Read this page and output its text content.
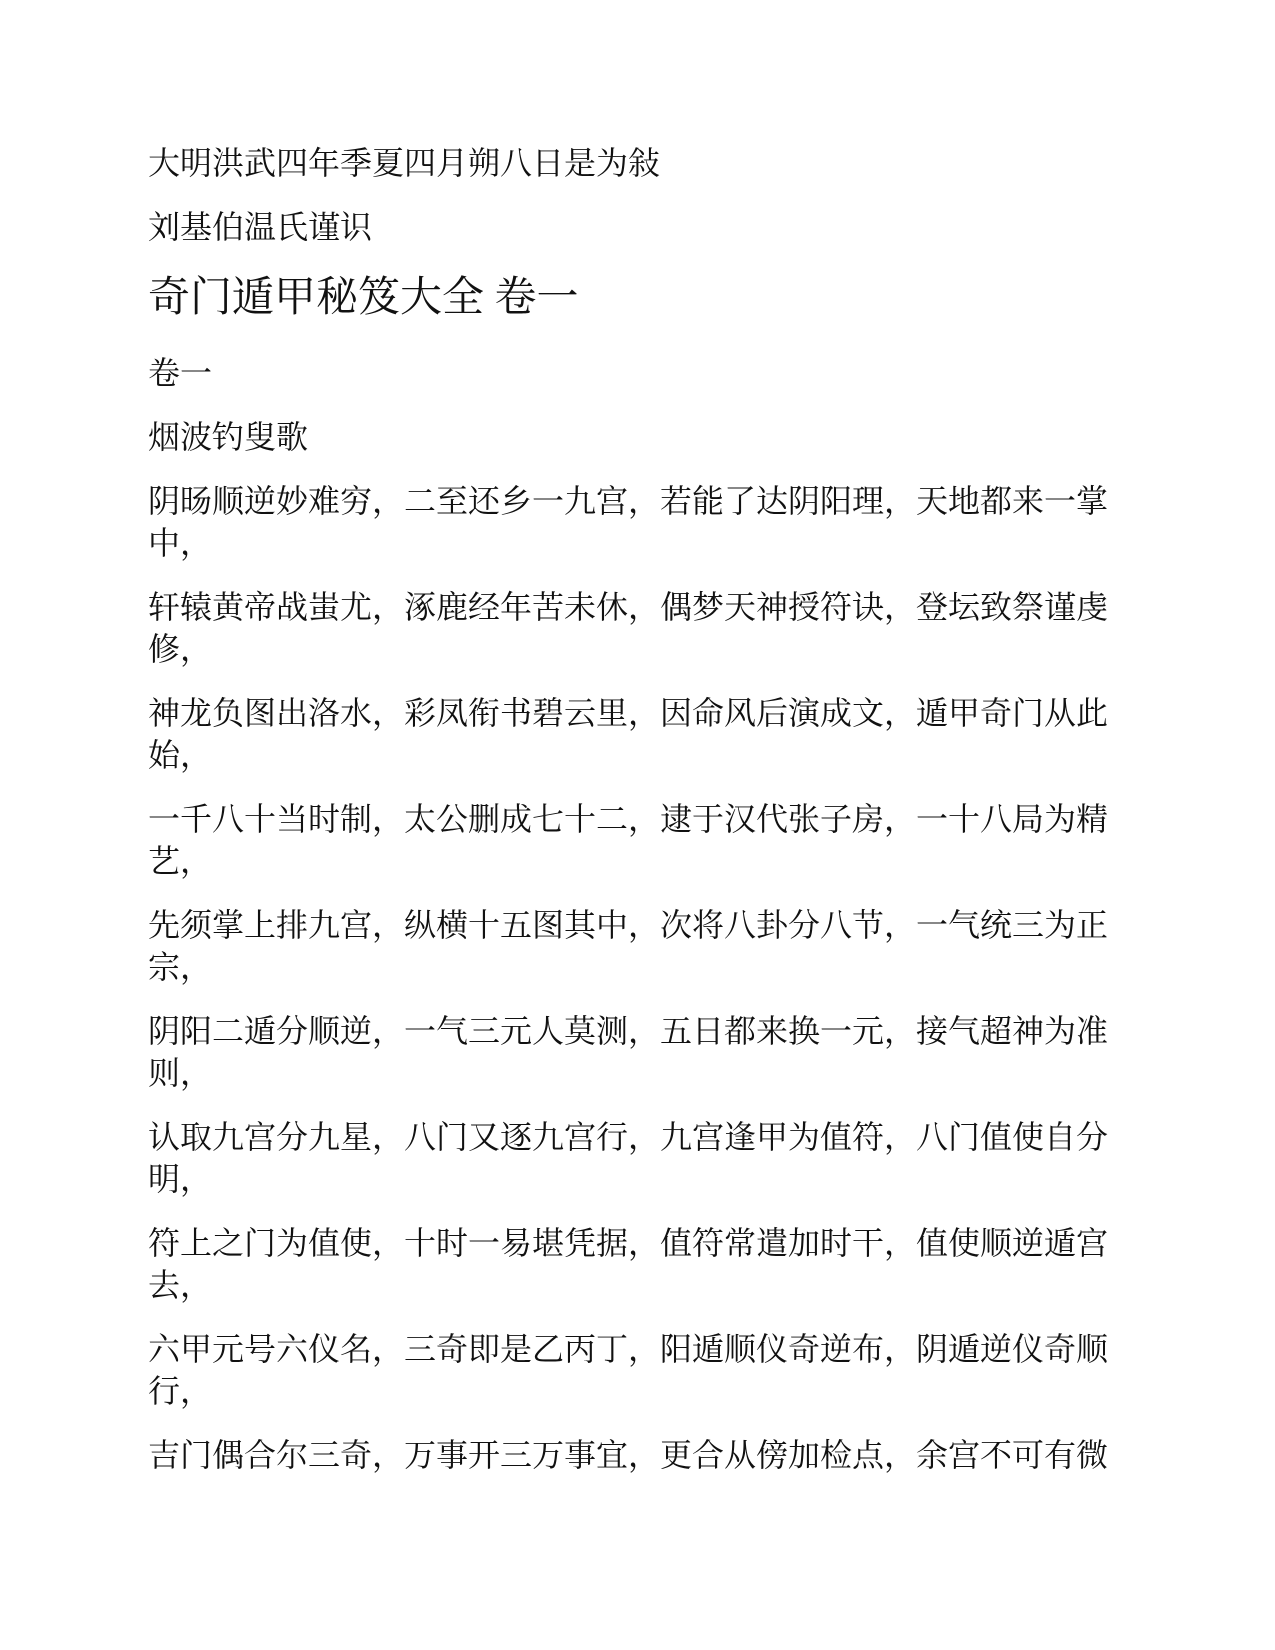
大明洪武四年季夏四月朔八日是为敍

刘基伯温氏谨识

奇门遁甲秘笈大全 卷一

卷一

烟波钓叟歌

阴旸顺逆妙难穷，二至还乡一九宫，若能了达阴阳理，天地都来一掌中，

轩辕黄帝战蚩尤，涿鹿经年苦未休，偶梦天神授符诀，登坛致祭谨虔修，

神龙负图出洛水，彩凤衔书碧云里，因命风后演成文，遁甲奇门从此始，

一千八十当时制，太公删成七十二，逮于汉代张子房，一十八局为精艺，

先须掌上排九宫，纵横十五图其中，次将八卦分八节，一气统三为正宗，

阴阳二遁分顺逆，一气三元人莫测，五日都来换一元，接气超神为准则，

认取九宫分九星，八门又逐九宫行，九宫逢甲为值符，八门值使自分明，

符上之门为值使，十时一易堪凭据，值符常遣加时干，值使顺逆遁宫去，

六甲元号六仪名，三奇即是乙丙丁，阳遁顺仪奇逆布，阴遁逆仪奇顺行，

吉门偶合尔三奇，万事开三万事宜，更合从傍加检点，余宫不可有微
